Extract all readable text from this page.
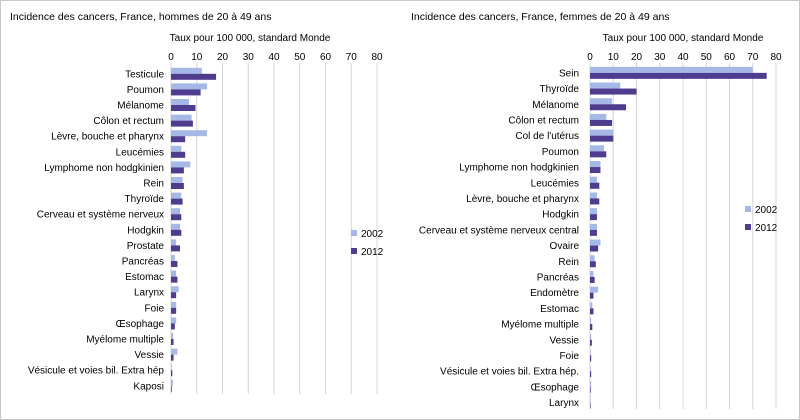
Incidence des cancers, France, hommes de 20 à 49 ans
Taux pour 100 000, standard Monde
0 10 20 30 40 50 60 70 80
Testicule
Poumon
Mélanome
Côlon et rectum
Lèvre, bouche et pharynx
Leucémies
Lymphome non hodgkinien
Rein
Thyroïde
Cerveau et système nerveux
Hodgkin
Prostate
Pancréas
Estomac
Larynx
Foie
Œsophage
Myélome multiple
Vessie
Vésicule et voies bil. Extra hép
Kaposi
2002
2012
Incidence des cancers, France, femmes de 20 à 49 ans
Taux pour 100 000, standard Monde
0 10 20 30 40 50 60 70 80
Sein
Thyroïde
Mélanome
Côlon et rectum
Col de l'utérus
Poumon
Lymphome non hodgkinien
Leucémies
Lèvre, bouche et pharynx
Hodgkin
Cerveau et système nerveux central
Ovaire
Rein
Pancréas
Endomètre
Estomac
Myélome multiple
Vessie
Foie
Vésicule et voies bil. Extra hép.
Œsophage
Larynx
2002
2012
